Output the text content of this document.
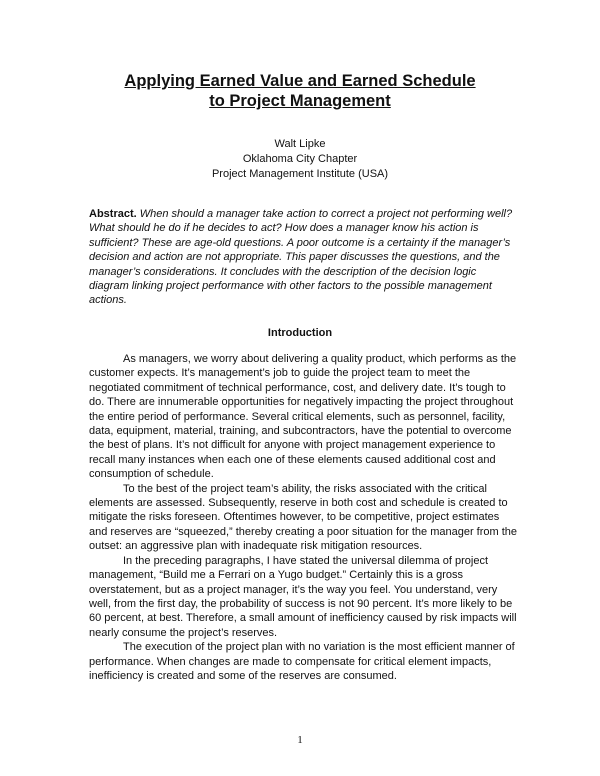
Applying Earned Value and Earned Schedule
to Project Management
Walt Lipke
Oklahoma City Chapter
Project Management Institute (USA)

Abstract. When should a manager take action to correct a project not performing well? What should he do if he decides to act? How does a manager know his action is sufficient? These are age-old questions. A poor outcome is a certainty if the manager’s decision and action are not appropriate. This paper discusses the questions, and the manager’s considerations. It concludes with the description of the decision logic diagram linking project performance with other factors to the possible management actions.

Introduction

As managers, we worry about delivering a quality product, which performs as the customer expects. It’s management’s job to guide the project team to meet the negotiated commitment of technical performance, cost, and delivery date. It’s tough to do. There are innumerable opportunities for negatively impacting the project throughout the entire period of performance. Several critical elements, such as personnel, facility, data, equipment, material, training, and subcontractors, have the potential to overcome the best of plans. It’s not difficult for anyone with project management experience to recall many instances when each one of these elements caused additional cost and consumption of schedule.

To the best of the project team’s ability, the risks associated with the critical elements are assessed. Subsequently, reserve in both cost and schedule is created to mitigate the risks foreseen. Oftentimes however, to be competitive, project estimates and reserves are “squeezed,” thereby creating a poor situation for the manager from the outset: an aggressive plan with inadequate risk mitigation resources.

In the preceding paragraphs, I have stated the universal dilemma of project management, “Build me a Ferrari on a Yugo budget.” Certainly this is a gross overstatement, but as a project manager, it’s the way you feel. You understand, very well, from the first day, the probability of success is not 90 percent. It’s more likely to be 60 percent, at best. Therefore, a small amount of inefficiency caused by risk impacts will nearly consume the project’s reserves.

The execution of the project plan with no variation is the most efficient manner of performance. When changes are made to compensate for critical element impacts, inefficiency is created and some of the reserves are consumed.

1
